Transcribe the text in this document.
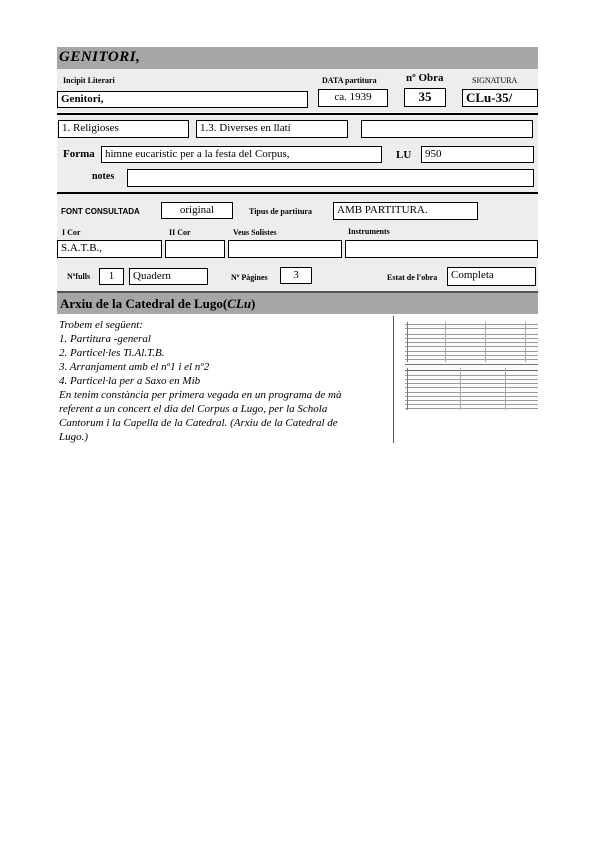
GENITORI,
Incipit Literari	DATA partitura	nº Obra	SIGNATURA
Genitori,	ca. 1939	35	CLu-35/
1. Religioses	1.3. Diverses en llatí
Forma himne eucarístic per a la festa del Corpus,	LU	950
notes
FONT CONSULTADA	original	Tipus de partitura	AMB PARTITURA.
I Cor	II Cor	Veus Solistes	Instruments
S.A.T.B.,
Nºfulls	1	Quadern	Nº Pàgines	3	Estat de l'obra	Completa
Arxiu de la Catedral de Lugo(CLu)
Trobem el següent:
1. Partitura -general
2. Particel·les Ti.Al.T.B.
3. Arranjament amb el nº1 i el nº2
4. Particel·la per a Saxo en Mib
En tenim constància per primera vegada en un programa de mà
referent a un concert el dia del Corpus a Lugo, per la Schola
Cantorum i la Capella de la Catedral. (Arxiu de la Catedral de
Lugo.)
